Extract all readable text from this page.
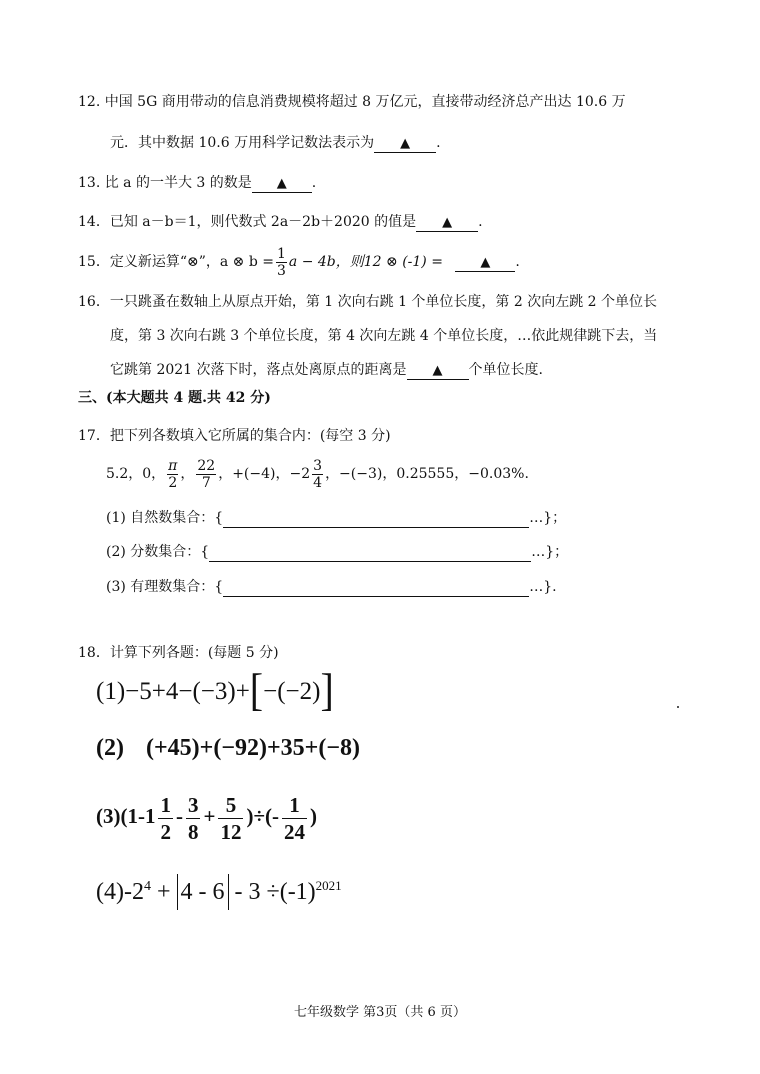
12. 中国 5G 商用带动的信息消费规模将超过 8 万亿元，直接带动经济总产出达 10.6 万
元．其中数据 10.6 万用科学记数法表示为 ▲ .
13. 比 a 的一半大 3 的数是 ▲ .
14．已知 a－b＝1，则代数式 2a－2b＋2020 的值是 ▲ .
15．定义新运算“⊗”，a ⊗ $b = \frac{1}{3}$ a − 4b，则12 ⊗ (-1) =	▲ .
16．一只跳蚤在数轴上从原点开始，第 1 次向右跳 1 个单位长度，第 2 次向左跳 2 个单位长
度，第 3 次向右跳 3 个单位长度，第 4 次向左跳 4 个单位长度，…依此规律跳下去，当
它跳第 2021 次落下时，落点处离原点的距离是 ▲ 个单位长度.
三、(本大题共 4 题.共 42 分)
17．把下列各数填入它所属的集合内：(每空 3 分)
5.2，0， $\frac{\pi}{2}$ ， $\frac{22}{7}$ ，+(−4)，$-2 \frac{3}{4}$ ，−(−3)，0.25555，−0.03%.
(1) 自然数集合：{	…}；
(2) 分数集合：{	…}；
(3) 有理数集合：{	…}.
18．计算下列各题：(每题 5 分)
(1)−5+4−(−3)+[−(−2)]
(2) (+45)+(−92)+35+(−8)
$(3)(1-1 \frac{1}{2} - \frac{3}{8} + \frac{5}{12}$ )÷(- $\frac{1}{24}$ )
$(4)-2^4 + 4 - 6 - 3 \div(-1)^{2021}$
七年级数学 第3页（共 6 页）
